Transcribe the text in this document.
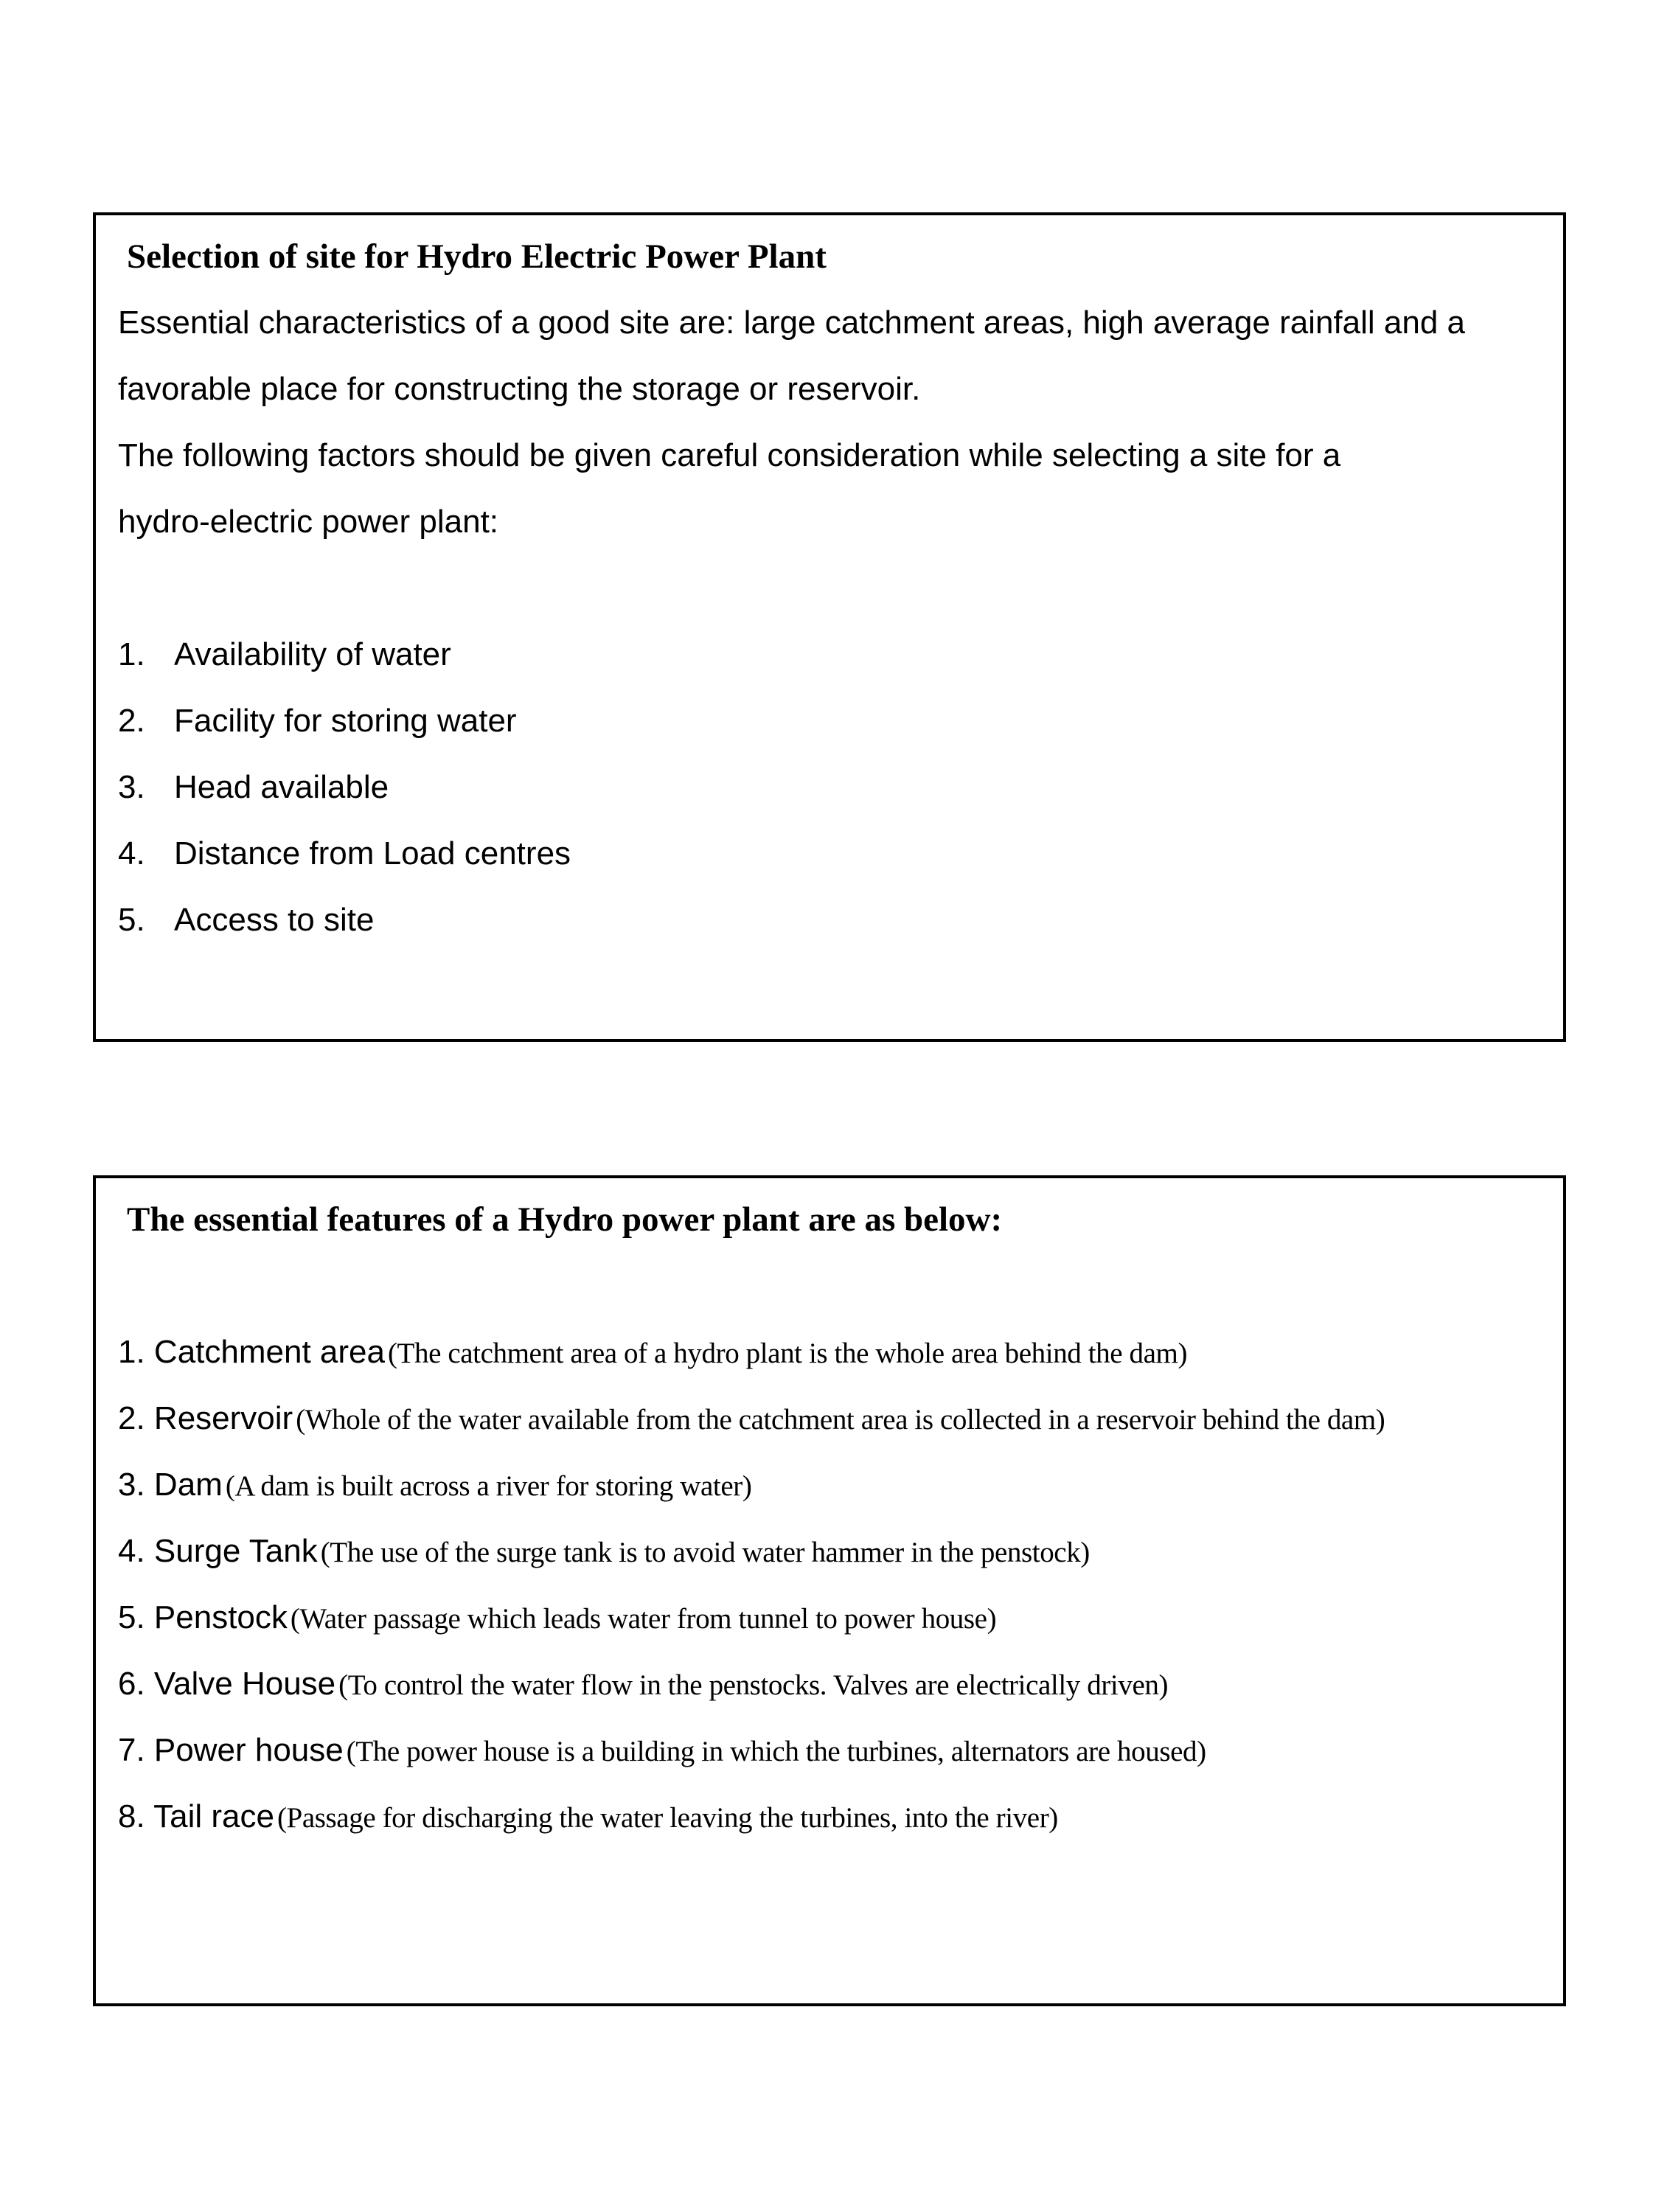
Selection of site for Hydro Electric Power Plant
Essential characteristics of a good site are: large catchment areas, high average rainfall and a
favorable place for constructing the storage or reservoir.
The following factors should be given careful consideration while selecting a site for a
hydro-electric power plant:
1. Availability of water
2. Facility for storing water
3. Head available
4. Distance from Load centres
5. Access to site
The essential features of a Hydro power plant are as below:
1. Catchment area (The catchment area of a hydro plant is the whole area behind the dam)
2. Reservoir (Whole of the water available from the catchment area is collected in a reservoir behind the dam)
3. Dam (A dam is built across a river for storing water)
4. Surge Tank (The use of the surge tank is to avoid water hammer in the penstock)
5. Penstock (Water passage which leads water from tunnel to power house)
6. Valve House (To control the water flow in the penstocks. Valves are electrically driven)
7. Power house (The power house is a building in which the turbines, alternators are housed)
8. Tail race (Passage for discharging the water leaving the turbines, into the river)
